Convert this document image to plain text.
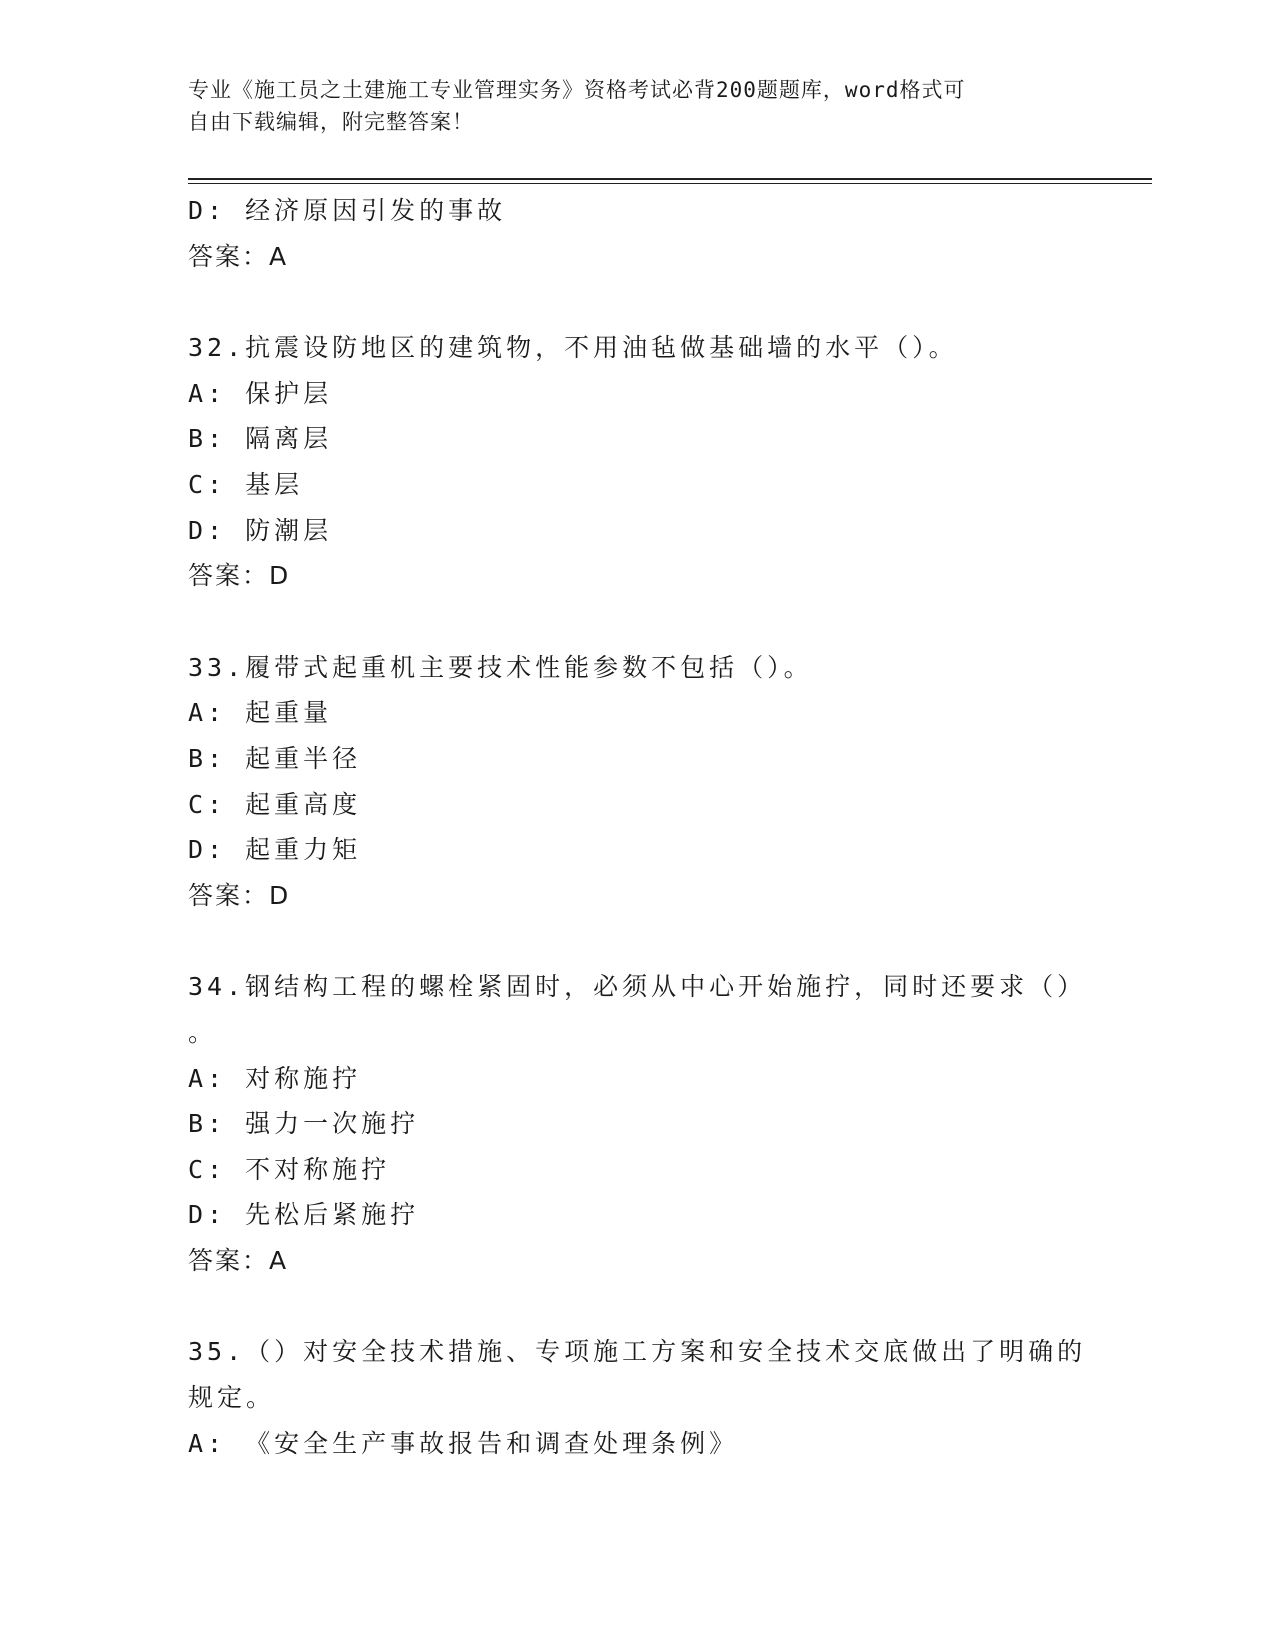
专业《施工员之土建施工专业管理实务》资格考试必背200题题库，word格式可
自由下载编辑，附完整答案！
D: 经济原因引发的事故
答案：A
32.抗震设防地区的建筑物，不用油毡做基础墙的水平（）。
A: 保护层
B: 隔离层
C: 基层
D: 防潮层
答案：D
33.履带式起重机主要技术性能参数不包括（）。
A: 起重量
B: 起重半径
C: 起重高度
D: 起重力矩
答案：D
34.钢结构工程的螺栓紧固时，必须从中心开始施拧，同时还要求（）
。
A: 对称施拧
B: 强力一次施拧
C: 不对称施拧
D: 先松后紧施拧
答案：A
35.（）对安全技术措施、专项施工方案和安全技术交底做出了明确的
规定。
A: 《安全生产事故报告和调查处理条例》
